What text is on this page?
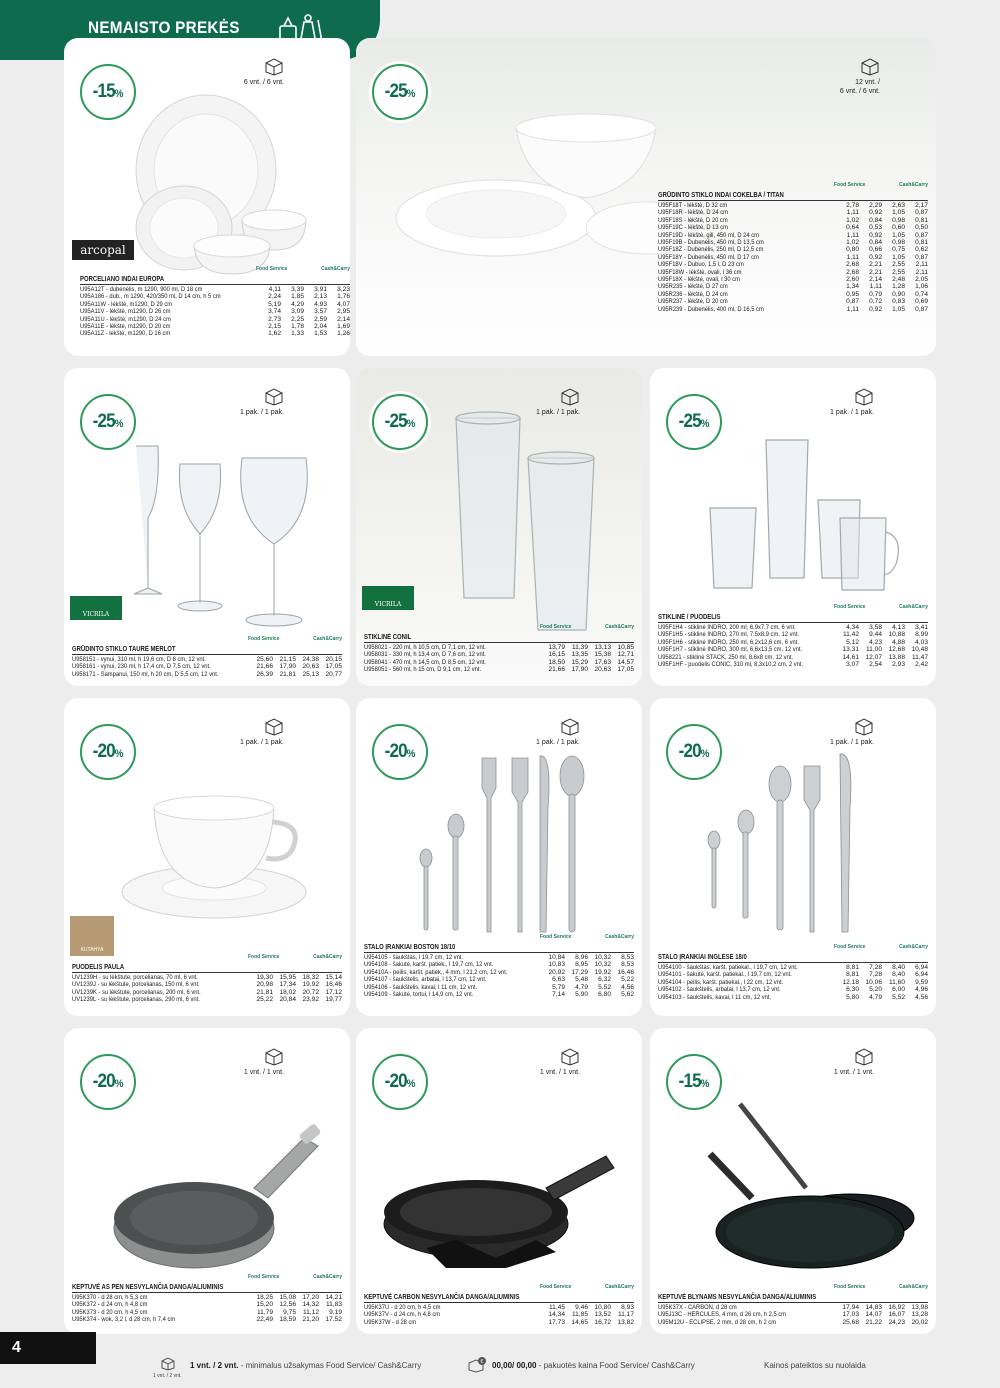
NEMAISTO PREKĖS
-15%
6 vnt. / 6 vnt.
arcopal
Food Service	Cash&Carry
PORCELIANO INDAI EUROPA
U95A12T - dubenėlis, m 1290, 900 ml, D 18 cm	4,11	3,39	3,91	3,23
U95A186 - dub., m 1290, 420/350 ml, D 14 cm, h 5 cm	2,24	1,85	2,13	1,76
U95A11W - lėkštė, m1290, D 29 cm	5,19	4,29	4,93	4,07
U95A11V - lėkštė, m1290, D 26 cm	3,74	3,09	3,57	2,95
U95A11U - lėkštė, m1290, D 24 cm	2,73	2,25	2,59	2,14
U95A11E - lėkštė, m1290, D 20 cm	2,15	1,78	2,04	1,69
U95A11Z - lėkštė, m1290, D 16 cm	1,62	1,33	1,53	1,26
-25%
12 vnt. /
6 vnt. / 6 vnt.
Food Service	Cash&Carry
GRŪDINTO STIKLO INDAI COKELBA / TITAN
U95F18T - lėkštė, D 32 cm	2,78	2,29	2,63	2,17
U95F18R - lėkštė, D 24 cm	1,11	0,92	1,05	0,87
U95F18S - lėkštė, D 20 cm	1,02	0,84	0,98	0,81
U95F19C - lėkštė, D 13 cm	0,64	0,53	0,60	0,50
U95F19D - lėkštė, gili, 450 ml, D 24 cm	1,11	0,92	1,05	0,87
U95F19B - Dubenėlis, 450 ml, D 13,5 cm	1,02	0,84	0,98	0,81
U95F18Z - Dubenėlis, 250 ml, D 12,5 cm	0,80	0,66	0,75	0,62
U95F18Y - Dubenėlis, 450 ml, D 17 cm	1,11	0,92	1,05	0,87
U95F18V - Dubuo, 1,5 l, D 23 cm	2,68	2,21	2,55	2,11
U95F18W - lėkštė, ovali, l 36 cm	2,68	2,21	2,55	2,11
U95F18X - lėkštė, ovali, l 30 cm	2,60	2,14	2,48	2,05
U95R235 - lėkštė, D 27 cm	1,34	1,11	1,28	1,06
U95R236 - lėkštė, D 24 cm	0,95	0,79	0,90	0,74
U95R237 - lėkštė, D 20 cm	0,87	0,72	0,83	0,69
U95R239 - Dubenėlis, 400 ml, D 16,5 cm	1,11	0,92	1,05	0,87
-25%
1 pak. / 1 pak.
VICRILA
Food Service	Cash&Carry
GRŪDINTO STIKLO TAURĖ MERLOT
U958151 - vynui, 310 ml, h 19,6 cm, D 8 cm, 12 vnt.	25,60 21,15 24,38 20,15
U958161 - vynui, 230 ml, h 17,4 cm, D 7,5 cm, 12 vnt.	21,66 17,90 20,63 17,05
U958171 - Šampanui, 150 ml, h 20 cm, D 5,5 cm, 12 vnt.	26,39 21,81 25,13 20,77
-25%
1 pak. / 1 pak.
VICRILA
Food Service	Cash&Carry
STIKLINĖ CONIL
U958021 - 220 ml, h 10,5 cm, D 7,1 cm, 12 vnt.	13,79	11,39 13,13 10,85
U958031 - 330 ml, h 13,4 cm, D 7,6 cm, 12 vnt.	16,15 13,35 15,38 12,71
U958041 - 470 ml, h 14,5 cm, D 8,5 cm, 12 vnt.	18,50 15,29 17,63 14,57
U958051 - 560 ml, h 15 cm, D 9,1 cm, 12 vnt.	21,66 17,90 20,63 17,05
-25%
1 pak. / 1 pak.
Food Service	Cash&Carry
STIKLINĖ / PUODELIS
U95F1H4 - stiklinė INDRO, 200 ml, 6,9x7,7 cm, 6 vnt.	4,34	3,58	4,13	3,41
U95F1H5 - stiklinė INDRO, 270 ml, 7,5x8,9 cm, 12 vnt.	11,42	9,44 10,88	8,99
U95F1H6 - stiklinė INDRO, 250 ml, 6,2x12,6 cm, 6 vnt.	5,12	4,23	4,88	4,03
U95F1H7 - stiklinė INDRO, 300 ml, 6,6x13,5 cm, 12 vnt.	13,31	11,00 12,68 10,48
U958221 - stiklinė STACK, 250 ml, 8,6x8 cm, 12 vnt.	14,61 12,07 13,88	11,47
U95F1HF - puodelis CONIC, 310 ml, 8,3x10,2 cm, 2 vnt.	3,07	2,54	2,93	2,42
-20%
1 pak. / 1 pak.
KUTAHYA
Food Service	Cash&Carry
PUODELIS PAULA
UV1239H - su lėkštute, porcelianas, 70 ml, 6 vnt.	19,30 15,95 18,32 15,14
UV1239J - su lėkštute, porcelianas, 150 ml, 6 vnt.	20,98 17,34 19,92 16,46
UV1239K - su lėkštute, porcelianas, 200 ml, 6 vnt.	21,81 18,02 20,72 17,12
UV1239L - su lėkštute, porcelianas, 290 ml, 6 vnt.	25,22 20,84 23,92 19,77
-20%
1 pak. / 1 pak.
Food Service	Cash&Carry
STALO ĮRANKIAI BOSTON 18/10
U954105 - šaukštas, l 19,7 cm, 12 vnt.	10,84	8,96 10,32	8,53
U954108 - šakutė, karšt. patiek., l 19,7 cm, 12 vnt.	10,83	8,95 10,32	8,53
U95410A - peilis, karšt. patiek., 4 mm, l 21,2 cm, 12 vnt.	20,92 17,29 19,92 16,46
U954107 - šaukštelis, arbatai, l 13,7 cm, 12 vnt.	6,63	5,48	6,32	5,22
U954106 - šaukštelis, kavai, l 11 cm, 12 vnt.	5,79	4,79	5,52	4,56
U954109 - šakutė, tortui, l 14,9 cm, 12 vnt.	7,14	5,90	6,80	5,62
-20%
1 pak. / 1 pak.
Food Service	Cash&Carry
STALO ĮRANKIAI INGLESE 18/0
U954100 - šaukštas, karšt. patiekal., l 19,7 cm, 12 vnt.	8,81	7,28	8,40	6,94
U954101 - šakutė, karšt. patiekal., l 19,7 cm, 12 vnt.	8,81	7,28	8,40	6,94
U954104 - peilis, karšt. patiekal., l 22 cm, 12 vnt.	12,18 10,06	11,60	9,59
U954102 - šaukštelis, arbatai, l 13,7 cm, 12 vnt.	6,30	5,20	6,00	4,96
U954103 - šaukštelis, kavai, l 11 cm, 12 vnt.	5,80	4,79	5,52	4,56
-20%
1 vnt. / 1 vnt.
Food Service	Cash&Carry
KEPTUVĖ AS PEN NESVYLANČIA DANGA/ALIUMINIS
U95K370 - d 28 cm, h 5,3 cm	18,25 15,08 17,20 14,21
U95K372 - d 24 cm, h 4,8 cm	15,20 12,56 14,32	11,83
U95K373 - d 20 cm, h 4,5 cm	11,79	9,75	11,12	9,19
U95K374 - wok, 3,2 l, d 28 cm, h 7,4 cm	22,49 18,59 21,20 17,52
-20%
1 vnt. / 1 vnt.
Food Service	Cash&Carry
KEPTUVĖ CARBON NESVYLANČIA DANGA/ALIUMINIS
U95K37U - d 20 cm, h 4,5 cm	11,45	9,46 10,80	8,93
U95K37V - d 24 cm, h 4,8 cm	14,34	11,85 13,52	11,17
U95K37W - d 28 cm	17,73 14,65 16,72 13,82
-15%
1 vnt. / 1 vnt.
Food Service	Cash&Carry
KEPTUVĖ BLYNAMS NESVYLANČIA DANGA/ALIUMINIS
U95K37X - CARBON, d 28 cm	17,94 14,83 16,92 13,98
U95J13C - HERCULES, 4 mm, d 26 cm, h 2,5 cm	17,03 14,07 16,07 13,28
U95M12U - ECLIPSE, 2 mm, d 28 cm, h 2 cm	25,68 21,22 24,23 20,02
4
1 vnt. / 2 vnt.
1 vnt. / 2 vnt. - minimalus užsakymas Food Service/ Cash&Carry	€ 00,00/ 00,00 - pakuotės kaina Food Service/ Cash&Carry	Kainos pateiktos su nuolaida
